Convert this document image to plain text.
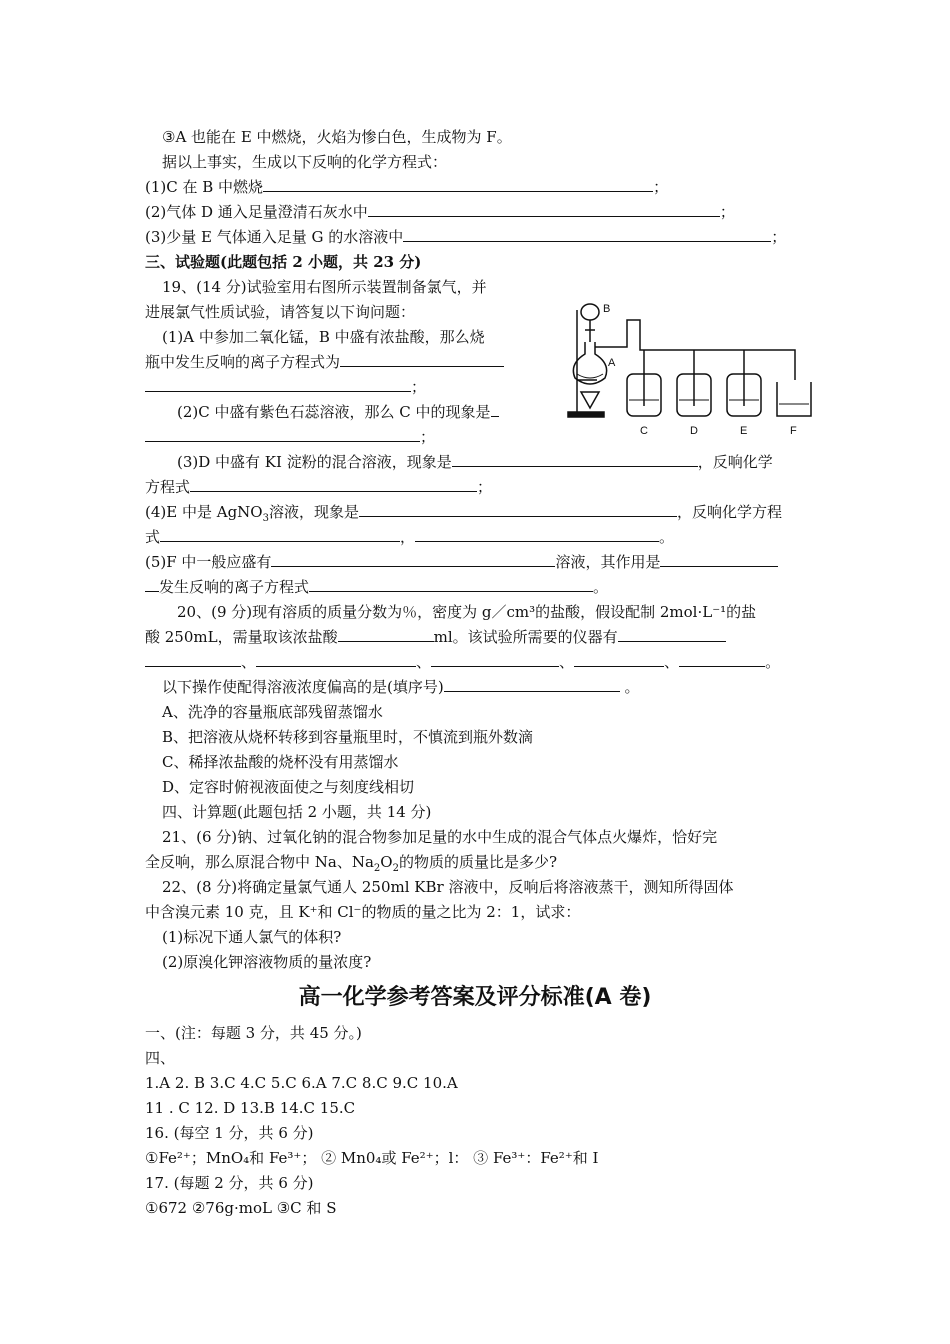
③A 也能在 E 中燃烧，火焰为惨白色，生成物为 F。
据以上事实，生成以下反响的化学方程式：
(1)C 在 B 中燃烧	；
(2)气体 D 通入足量澄清石灰水中	；
(3)少量 E 气体通入足量 G 的水溶液中	；
三、试验题(此题包括 2 小题，共 23 分)
19、(14 分)试验室用右图所示装置制备氯气，并
进展氯气性质试验，请答复以下询问题：
(1)A 中参加二氧化锰，B 中盛有浓盐酸，那么烧
瓶中发生反响的离子方程式为
；
(2)C 中盛有紫色石蕊溶液，那么 C 中的现象是
；
(3)D 中盛有 KI 淀粉的混合溶液，现象是	，反响化学
方程式	；
(4)E 中是 AgNO$_3$溶液，现象是	，反响化学方程
式	，	。
(5)F 中一般应盛有	溶液，其作用是
发生反响的离子方程式	。
20、(9 分)现有溶质的质量分数为％，密度为 g／cm³的盐酸，假设配制 2mol·L⁻¹的盐
酸 250mL，需量取该浓盐酸	ml。该试验所需要的仪器有
、	、	、	、	。
以下操作使配得溶液浓度偏高的是(填序号)	。
A、洗净的容量瓶底部残留蒸馏水
B、把溶液从烧杯转移到容量瓶里时，不慎流到瓶外数滴
C、稀择浓盐酸的烧杯没有用蒸馏水
D、定容时俯视液面使之与刻度线相切
四、计算题(此题包括 2 小题，共 14 分)
21、(6 分)钠、过氧化钠的混合物参加足量的水中生成的混合气体点火爆炸，恰好完
全反响，那么原混合物中 Na、$Na_2O_2$的物质的质量比是多少?
22、(8 分)将确定量氯气通人 250ml KBr 溶液中，反响后将溶液蒸干，测知所得固体
中含溴元素 10 克，且 K⁺和 Cl⁻的物质的量之比为 2：1，试求：
(1)标况下通人氯气的体积?
(2)原溴化钾溶液物质的量浓度?
高一化学参考答案及评分标准(A 卷)
一、(注：每题 3 分，共 45 分。)
四、
1.A 2. B 3.C 4.C 5.C 6.A 7.C 8.C 9.C 10.A
11 . C 12. D 13.B 14.C 15.C
16. (每空 1 分，共 6 分)
①Fe²⁺；MnO₄和 Fe³⁺； ② Mn0₄或 Fe²⁺；l： ③ Fe³⁺：Fe²⁺和 I
17. (每题 2 分，共 6 分)
①672 ②76g·moL ③C 和 S
B
A
C	D	E	F
